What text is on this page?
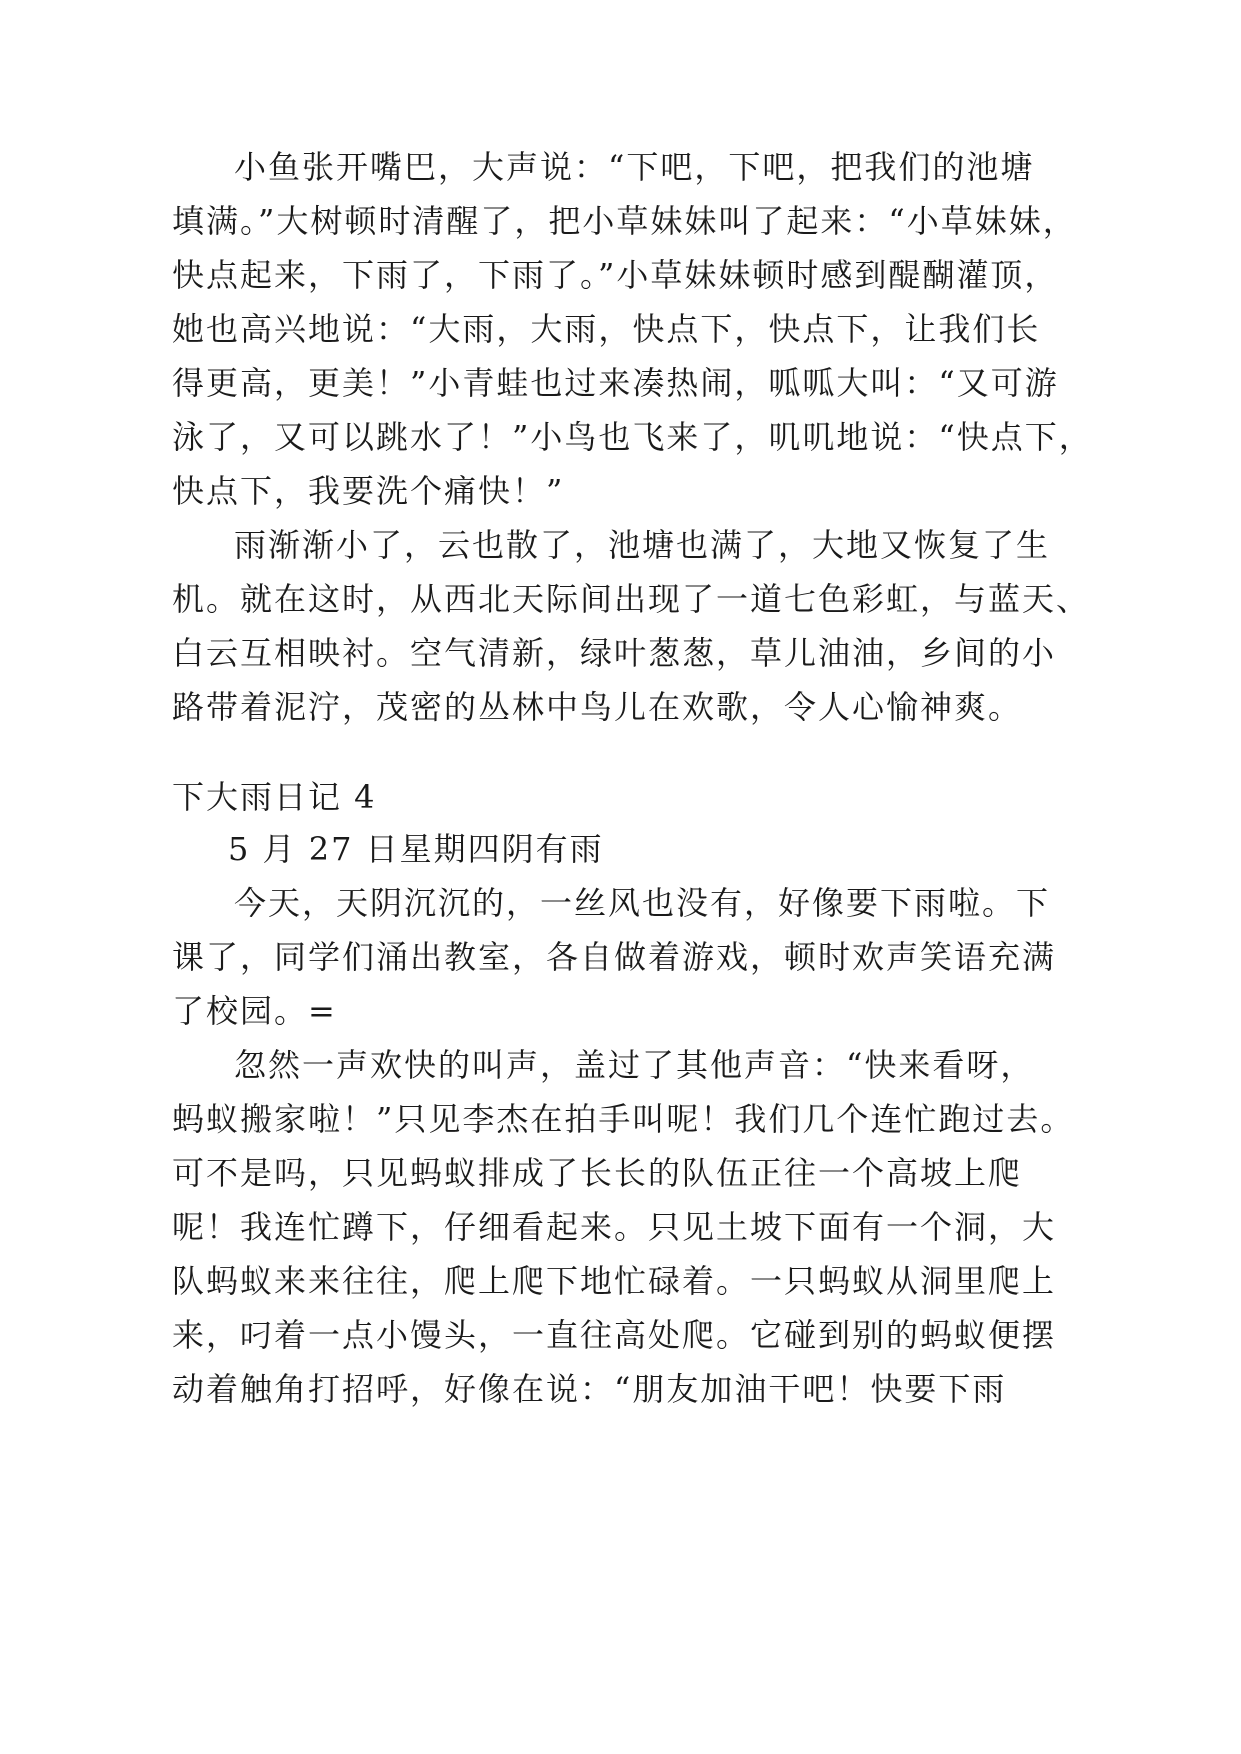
小鱼张开嘴巴，大声说：“下吧，下吧，把我们的池塘
填满。”大树顿时清醒了，把小草妹妹叫了起来：“小草妹妹，
快点起来，下雨了，下雨了。”小草妹妹顿时感到醍醐灌顶，
她也高兴地说：“大雨，大雨，快点下，快点下，让我们长
得更高，更美！”小青蛙也过来凑热闹，呱呱大叫：“又可游
泳了，又可以跳水了！”小鸟也飞来了，叽叽地说：“快点下，
快点下，我要洗个痛快！”
雨渐渐小了，云也散了，池塘也满了，大地又恢复了生
机。就在这时，从西北天际间出现了一道七色彩虹，与蓝天、
白云互相映衬。空气清新，绿叶葱葱，草儿油油，乡间的小
路带着泥泞，茂密的丛林中鸟儿在欢歌，令人心愉神爽。
下大雨日记 4
5 月 27 日星期四阴有雨
今天，天阴沉沉的，一丝风也没有，好像要下雨啦。下
课了，同学们涌出教室，各自做着游戏，顿时欢声笑语充满
了校园。=
忽然一声欢快的叫声，盖过了其他声音：“快来看呀，
蚂蚁搬家啦！”只见李杰在拍手叫呢！我们几个连忙跑过去。
可不是吗，只见蚂蚁排成了长长的队伍正往一个高坡上爬
呢！我连忙蹲下，仔细看起来。只见土坡下面有一个洞，大
队蚂蚁来来往往，爬上爬下地忙碌着。一只蚂蚁从洞里爬上
来，叼着一点小馒头，一直往高处爬。它碰到别的蚂蚁便摆
动着触角打招呼，好像在说：“朋友加油干吧！快要下雨
